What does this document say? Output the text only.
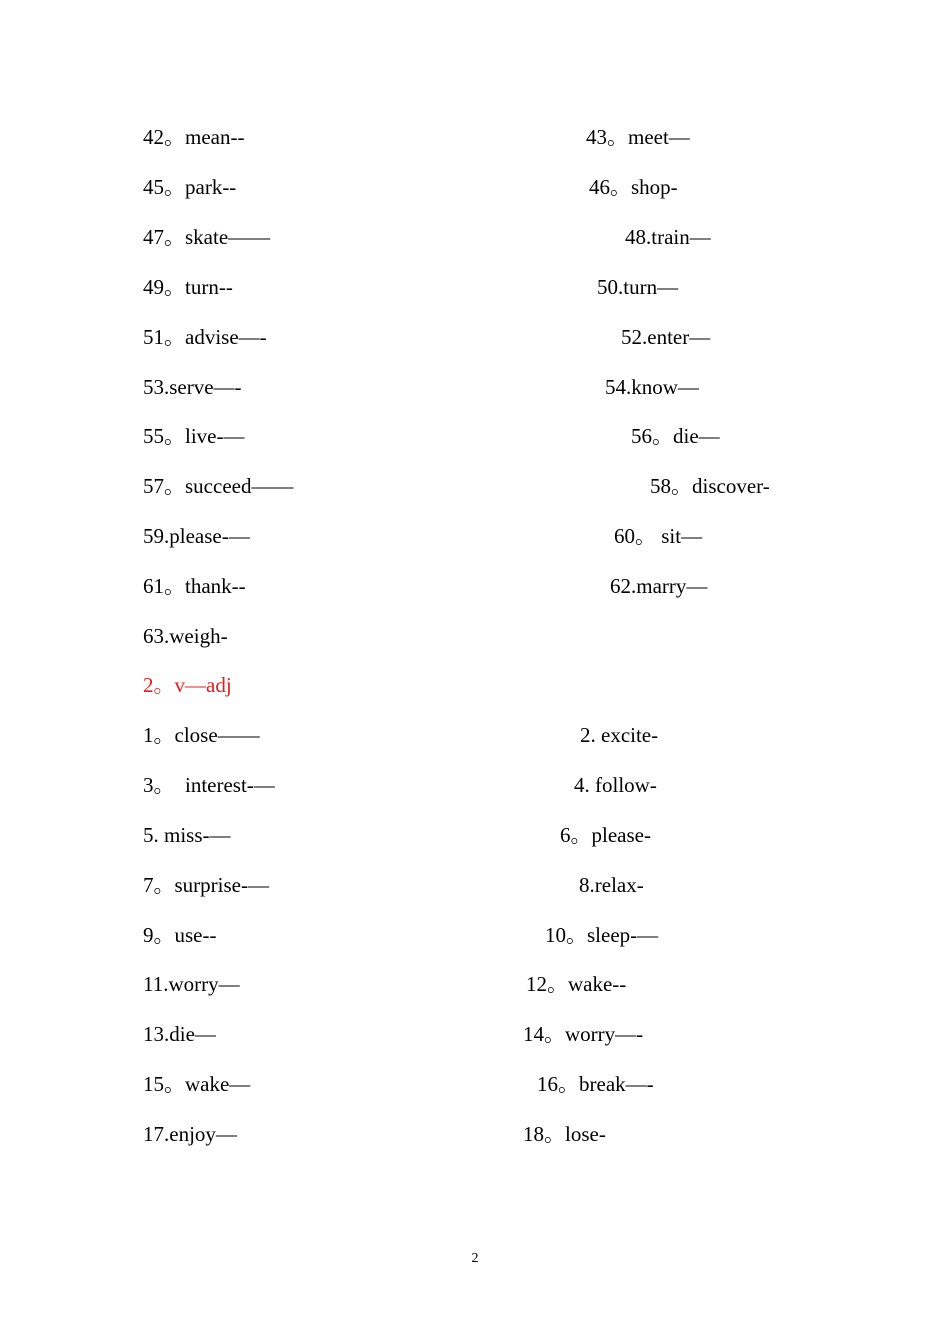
42。mean--	43。meet—
45。park--	46。shop-
47。skate——	48.train—
49。turn--	50.turn—
51。advise—-	52.enter—
53.serve—-	54.know—
55。live-—	56。die—
57。succeed——	58。discover-
59.please-—	60。 sit—
61。thank--	62.marry—
63.weigh-
2。v—adj
1。close——	2. excite-
3。  interest-—	4. follow-
5. miss-—	6。please-
7。surprise-—	8.relax-
9。use--	10。sleep-—
11.worry—	12。wake--
13.die—	14。worry—-
15。wake—	16。break—-
17.enjoy—	18。lose-
2
